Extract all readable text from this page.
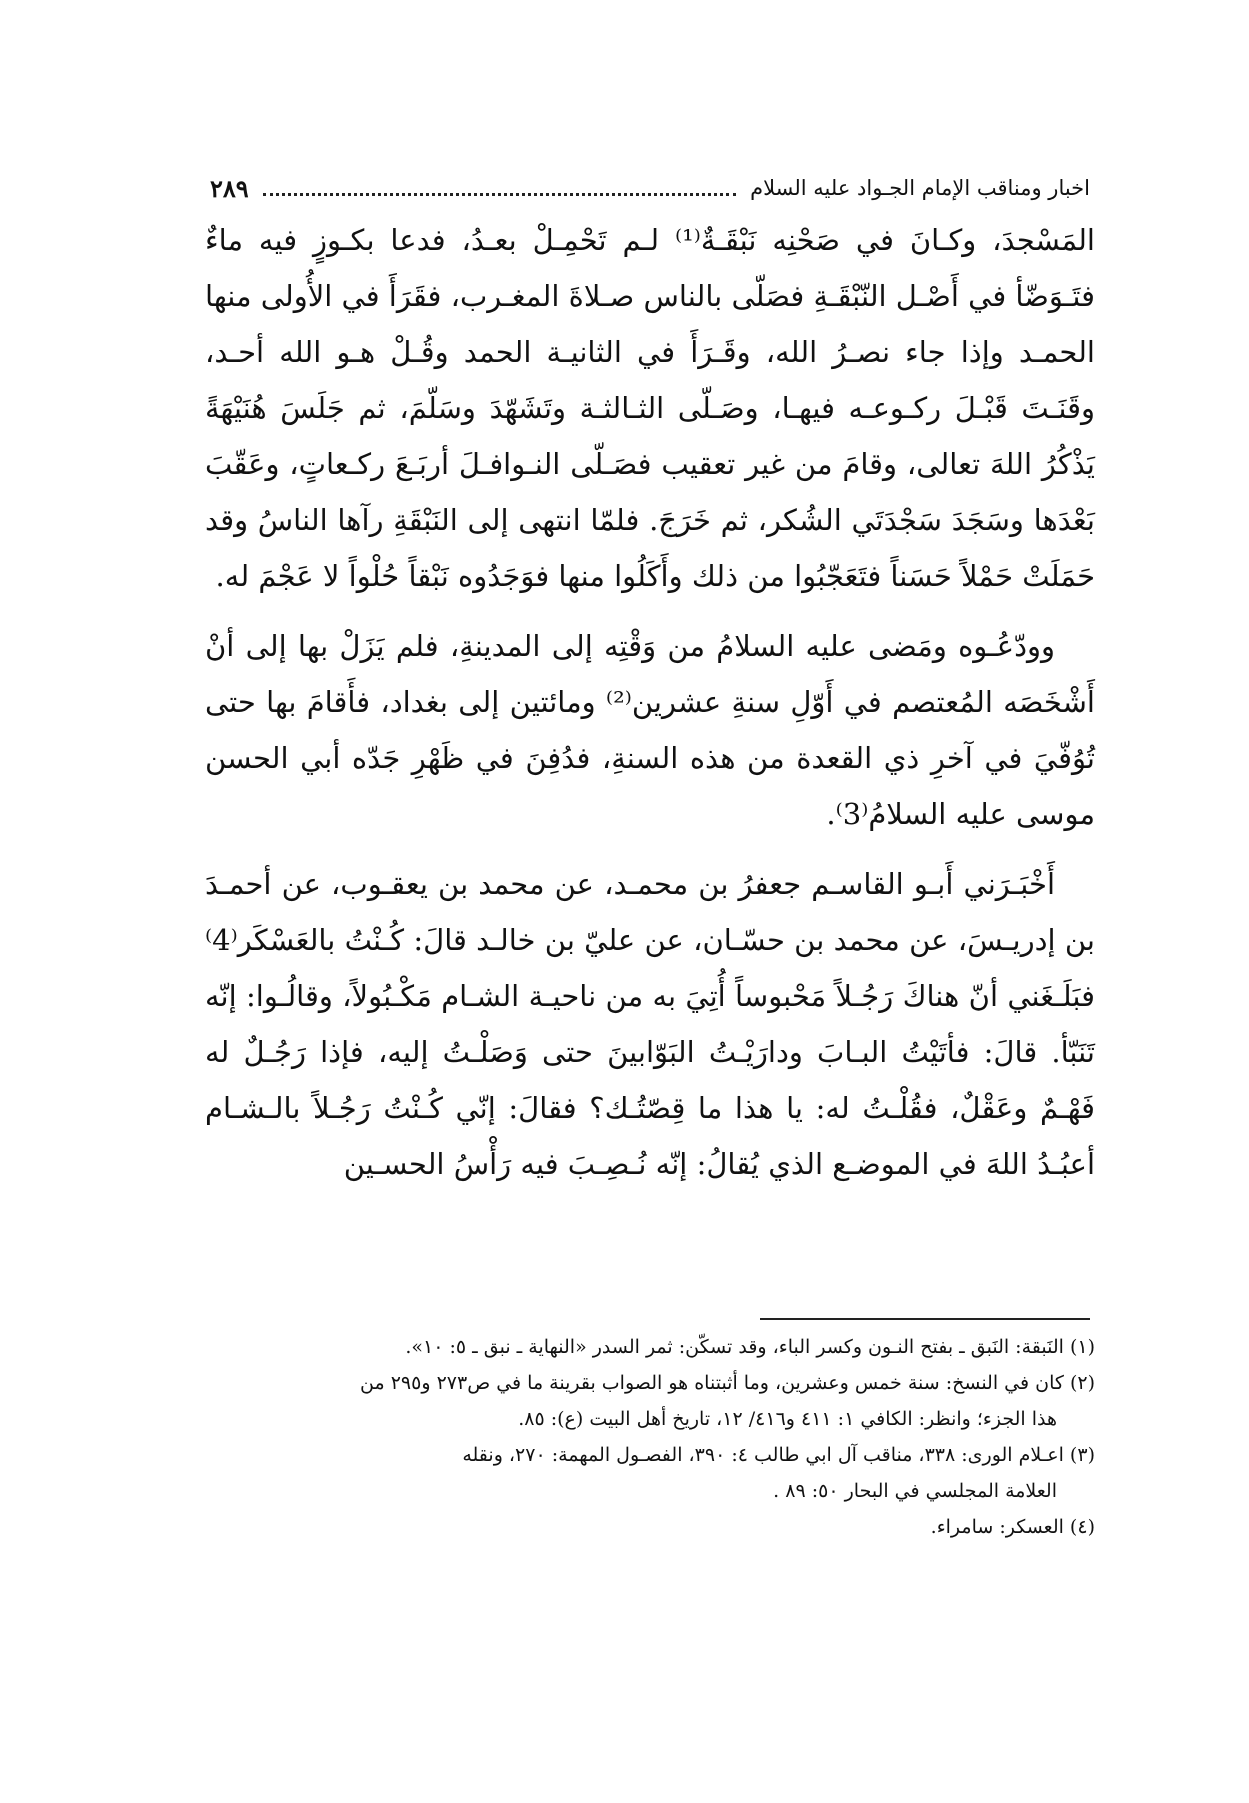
اخبار ومناقب الإمام الجـواد عليه السلام
٢٨٩

المَسْجدَ، وكـانَ في صَحْنِه نَبْقَـةٌ⁽¹⁾ لـم تَحْمِـلْ بعـدُ، فدعا بكـوزٍ فيه ماءٌ فتَـوَضّأ في أَصْـل النّبْقَـةِ فصَلّى بالناس صـلاةَ المغـرب، فقَرَأَ في الأُولى منها الحمـد وإذا جاء نصـرُ الله، وقَـرَأَ في الثانيـة الحمد وقُـلْ هـو الله أحـد، وقَنَـتَ قَبْـلَ ركـوعـه فيهـا، وصَـلّى الثـالثـة وتَشَهّدَ وسَلّمَ، ثم جَلَسَ هُنَيْهَةً يَذْكُرُ اللهَ تعالى، وقامَ من غير تعقيب فصَـلّى النـوافـلَ أربَـعَ ركـعاتٍ، وعَقّبَ بَعْدَها وسَجَدَ سَجْدَتَي الشُكر، ثم خَرَجَ. فلمّا انتهى إلى النَبْقَةِ رآها الناسُ وقد حَمَلَتْ حَمْلاً حَسَناً فتَعَجّبُوا من ذلك وأَكَلُوا منها فوَجَدُوه نَبْقاً حُلْواً لا عَجْمَ له.

وودّعُـوه ومَضى عليه السلامُ من وَقْتِه إلى المدينةِ، فلم يَزَلْ بها إلى أنْ أَشْخَصَه المُعتصم في أَوّلِ سنةِ عشرين⁽²⁾ ومائتين إلى بغداد، فأَقامَ بها حتى تُوُفّيَ في آخرِ ذي القعدة من هذه السنةِ، فدُفِنَ في ظَهْرِ جَدّه أبي الحسن موسى عليه السلامُ⁽3⁾.

أَخْبَـرَني أَبـو القاسـم جعفرُ بن محمـد، عن محمد بن يعقـوب، عن أحمـدَ بن إدريـسَ، عن محمد بن حسّـان، عن عليّ بن خالـد قالَ: كُـنْتُ بالعَسْكَر⁽4⁾ فبَلَـغَني أنّ هناكَ رَجُـلاً مَحْبوساً أُتِيَ به من ناحيـة الشـام مَكْـبُولاً، وقالُـوا: إنّه تَنَبّأ. قالَ: فأتَيْتُ البـابَ ودارَيْـتُ البَوّابينَ حتى وَصَلْـتُ إليه، فإذا رَجُـلٌ له فَهْـمٌ وعَقْلٌ، فقُلْـتُ له: يا هذا ما قِصّتُـك؟ فقالَ: إنّي كُـنْتُ رَجُـلاً بالـشـام أعبُـدُ اللهَ في الموضـع الذي يُقالُ: إنّه نُـصِـبَ فيه رَأْسُ الحسـين

(١) النَبقة: النَبق ـ بفتح النـون وكسر الباء، وقد تسكّن: ثمر السدر «النهاية ـ نبق ـ ٥: ١٠».
(٢) كان في النسخ: سنة خمس وعشرين، وما أثبتناه هو الصواب بقرينة ما في ص٢٧٣ و٢٩٥ من
هذا الجزء؛ وانظر: الكافي ١: ٤١١ و٤١٦/ ١٢، تاريخ أهل البيت (ع): ٨٥.
(٣) اعـلام الورى: ٣٣٨، مناقب آل ابي طالب ٤: ٣٩٠، الفصـول المهمة: ٢٧٠، ونقله
العلامة المجلسي في البحار ٥٠: ٨٩ .
(٤) العسكر: سامراء.
